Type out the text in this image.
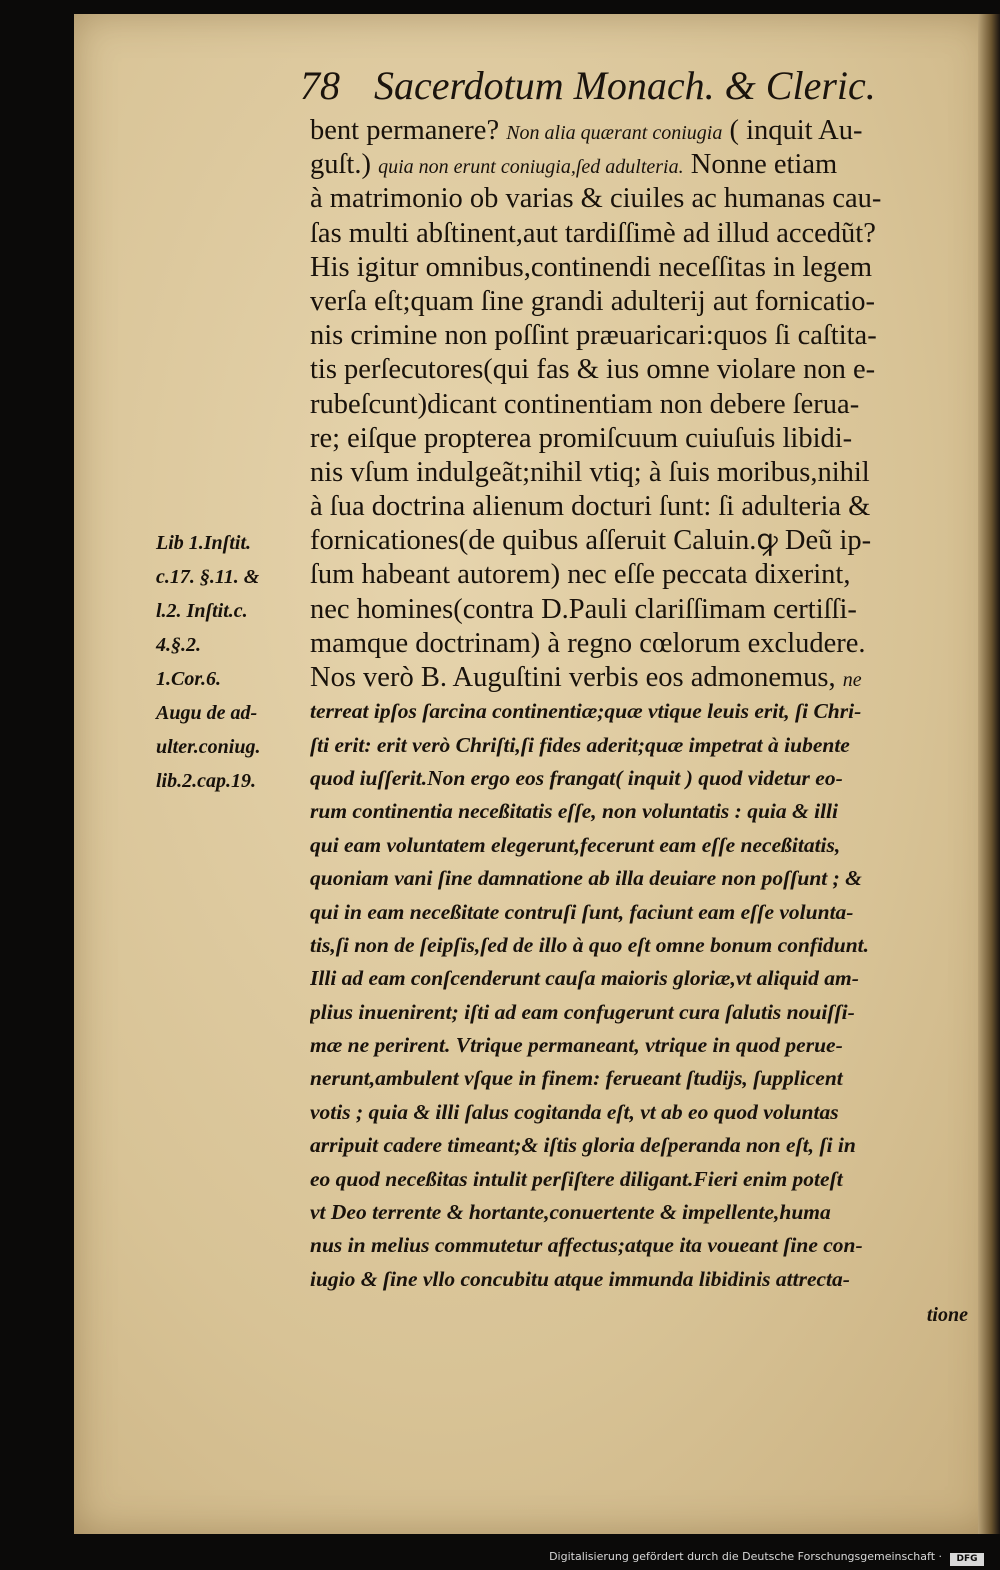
78 Sacerdotum Monach. & Cleric.
bent permanere? Non alia quærant coniugia ( inquit Au-
guſt.) quia non erunt coniugia,ſed adulteria. Nonne etiam
à matrimonio ob varias & ciuiles ac humanas cau-
ſas multi abſtinent,aut tardiſſimè ad illud accedũt?
His igitur omnibus,continendi neceſſitas in legem
verſa eſt;quam ſine grandi adulterij aut fornicatio-
nis crimine non poſſint præuaricari:quos ſi caſtita-
tis perſecutores(qui fas & ius omne violare non e-
rubeſcunt)dicant continentiam non debere ſerua-
re; eiſque propterea promiſcuum cuiuſuis libidi-
nis vſum indulgeãt;nihil vtiq; à ſuis moribus,nihil
à ſua doctrina alienum docturi ſunt: ſi adulteria &
fornicationes(de quibus aſſeruit Caluin.ꝙ Deũ ip-
ſum habeant autorem) nec eſſe peccata dixerint,
nec homines(contra D.Pauli clariſſimam certiſſi-
mamque doctrinam) à regno cœlorum excludere.
Nos verò B. Auguſtini verbis eos admonemus, ne
terreat ipſos ſarcina continentiæ;quæ vtique leuis erit, ſi Chri-
ſti erit: erit verò Chriſti,ſi fides aderit;quæ impetrat à iubente
quod iuſſerit.Non ergo eos frangat( inquit ) quod videtur eo-
rum continentia neceßitatis eſſe, non voluntatis : quia & illi
qui eam voluntatem elegerunt,fecerunt eam eſſe neceßitatis,
quoniam vani ſine damnatione ab illa deuiare non poſſunt ; &
qui in eam neceßitate contruſi ſunt, faciunt eam eſſe volunta-
tis,ſi non de ſeipſis,ſed de illo à quo eſt omne bonum confidunt.
Illi ad eam conſcenderunt cauſa maioris gloriæ,vt aliquid am-
plius inuenirent; iſti ad eam confugerunt cura ſalutis nouiſſi-
mæ ne perirent. Vtrique permaneant, vtrique in quod perue-
nerunt,ambulent vſque in finem: ferueant ſtudijs, ſupplicent
votis ; quia & illi ſalus cogitanda eſt, vt ab eo quod voluntas
arripuit cadere timeant;& iſtis gloria deſperanda non eſt, ſi in
eo quod neceßitas intulit perſiſtere diligant.Fieri enim poteſt
vt Deo terrente & hortante,conuertente & impellente,huma
nus in melius commutetur affectus;atque ita voueant ſine con-
iugio & ſine vllo concubitu atque immunda libidinis attrecta-
tione
Lib 1.Inſtit.
c.17. §.11. &
l.2. Inſtit.c.
4.§.2.
1.Cor.6.
Augu de ad-
ulter.coniug.
lib.2.cap.19.
Digitalisierung gefördert durch die Deutsche Forschungsgemeinschaft ·	DFG
